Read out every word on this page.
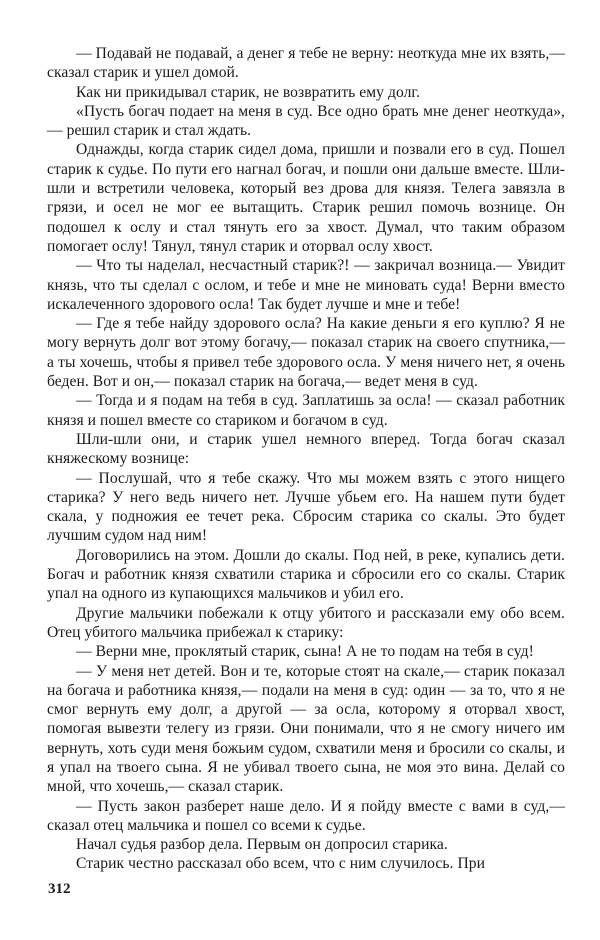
— Подавай не подавай, а денег я тебе не верну: неоткуда мне их взять,— сказал старик и ушел домой.

Как ни прикидывал старик, не возвратить ему долг.

«Пусть богач подает на меня в суд. Все одно брать мне денег неоткуда»,— решил старик и стал ждать.

Однажды, когда старик сидел дома, пришли и позвали его в суд. Пошел старик к судье. По пути его нагнал богач, и пошли они дальше вместе. Шли-шли и встретили человека, который вез дрова для князя. Телега завязла в грязи, и осел не мог ее вытащить. Старик решил помочь вознице. Он подошел к ослу и стал тянуть его за хвост. Думал, что таким образом помогает ослу! Тянул, тянул старик и оторвал ослу хвост.

— Что ты наделал, несчастный старик?! — закричал возница.— Увидит князь, что ты сделал с ослом, и тебе и мне не миновать суда! Верни вместо искалеченного здорового осла! Так будет лучше и мне и тебе!

— Где я тебе найду здорового осла? На какие деньги я его куплю? Я не могу вернуть долг вот этому богачу,— показал старик на своего спутника,— а ты хочешь, чтобы я привел тебе здорового осла. У меня ничего нет, я очень беден. Вот и он,— показал старик на богача,— ведет меня в суд.

— Тогда и я подам на тебя в суд. Заплатишь за осла! — сказал работник князя и пошел вместе со стариком и богачом в суд.

Шли-шли они, и старик ушел немного вперед. Тогда богач сказал княжескому вознице:

— Послушай, что я тебе скажу. Что мы можем взять с этого нищего старика? У него ведь ничего нет. Лучше убьем его. На нашем пути будет скала, у подножия ее течет река. Сбросим старика со скалы. Это будет лучшим судом над ним!

Договорились на этом. Дошли до скалы. Под ней, в реке, купались дети. Богач и работник князя схватили старика и сбросили его со скалы. Старик упал на одного из купающихся мальчиков и убил его.

Другие мальчики побежали к отцу убитого и рассказали ему обо всем. Отец убитого мальчика прибежал к старику:

— Верни мне, проклятый старик, сына! А не то подам на тебя в суд!

— У меня нет детей. Вон и те, которые стоят на скале,— старик показал на богача и работника князя,— подали на меня в суд: один — за то, что я не смог вернуть ему долг, а другой — за осла, которому я оторвал хвост, помогая вывезти телегу из грязи. Они понимали, что я не смогу ничего им вернуть, хоть суди меня божьим судом, схватили меня и бросили со скалы, и я упал на твоего сына. Я не убивал твоего сына, не моя это вина. Делай со мной, что хочешь,— сказал старик.

— Пусть закон разберет наше дело. И я пойду вместе с вами в суд,— сказал отец мальчика и пошел со всеми к судье.

Начал судья разбор дела. Первым он допросил старика.

Старик честно рассказал обо всем, что с ним случилось. При

312
